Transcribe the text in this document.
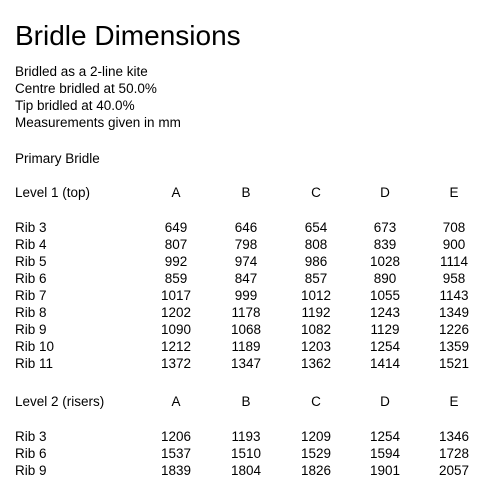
Bridle Dimensions
Bridled as a 2-line kite
Centre bridled at 50.0%
Tip bridled at 40.0%
Measurements given in mm
Primary Bridle
Level 1 (top)	A	B	C	D	E
Rib 3	649	646	654	673	708
Rib 4	807	798	808	839	900
Rib 5	992	974	986	1028	1114
Rib 6	859	847	857	890	958
Rib 7	1017	999	1012	1055	1143
Rib 8	1202	1178	1192	1243	1349
Rib 9	1090	1068	1082	1129	1226
Rib 10	1212	1189	1203	1254	1359
Rib 11	1372	1347	1362	1414	1521
Level 2 (risers)	A	B	C	D	E
Rib 3	1206	1193	1209	1254	1346
Rib 6	1537	1510	1529	1594	1728
Rib 9	1839	1804	1826	1901	2057
